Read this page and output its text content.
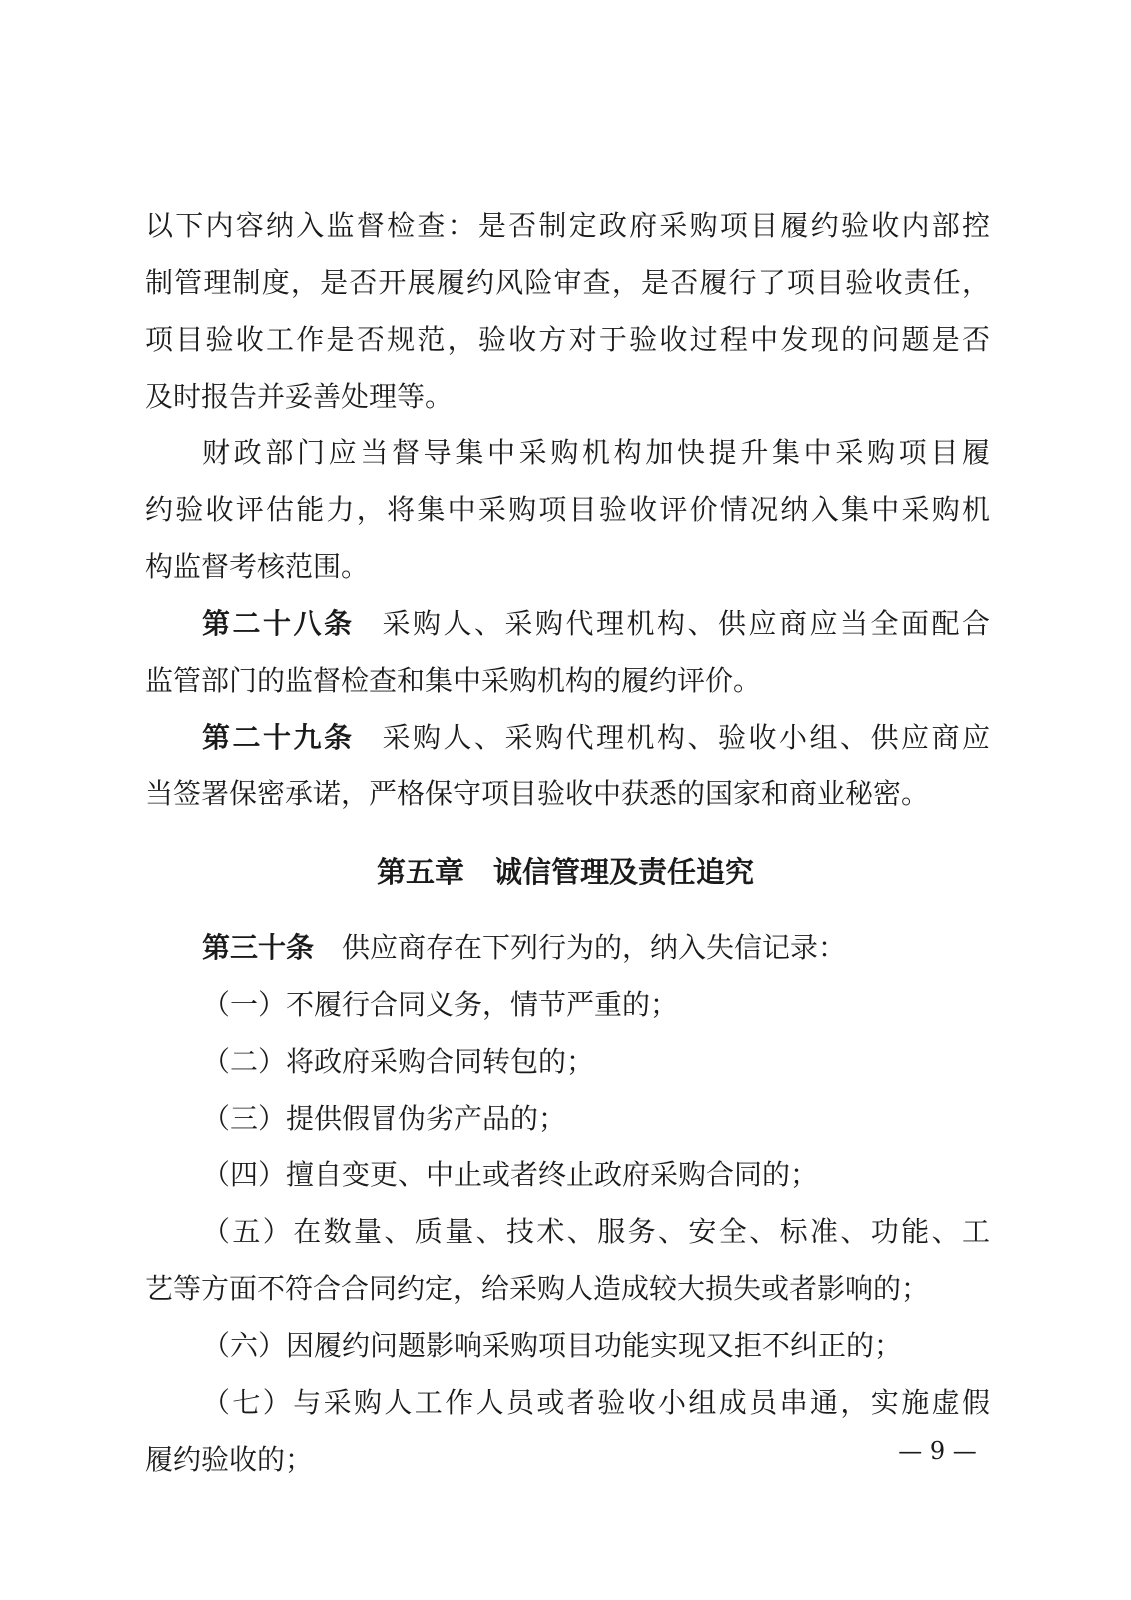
以下内容纳入监督检查：是否制定政府采购项目履约验收内部控
制管理制度，是否开展履约风险审查，是否履行了项目验收责任，
项目验收工作是否规范，验收方对于验收过程中发现的问题是否
及时报告并妥善处理等。
财政部门应当督导集中采购机构加快提升集中采购项目履
约验收评估能力，将集中采购项目验收评价情况纳入集中采购机
构监督考核范围。
第二十八条 采购人、采购代理机构、供应商应当全面配合
监管部门的监督检查和集中采购机构的履约评价。
第二十九条 采购人、采购代理机构、验收小组、供应商应
当签署保密承诺，严格保守项目验收中获悉的国家和商业秘密。
第五章　诚信管理及责任追究
第三十条 供应商存在下列行为的，纳入失信记录：
（一）不履行合同义务，情节严重的；
（二）将政府采购合同转包的；
（三）提供假冒伪劣产品的；
（四）擅自变更、中止或者终止政府采购合同的；
（五）在数量、质量、技术、服务、安全、标准、功能、工
艺等方面不符合合同约定，给采购人造成较大损失或者影响的；
（六）因履约问题影响采购项目功能实现又拒不纠正的；
（七）与采购人工作人员或者验收小组成员串通，实施虚假
履约验收的；	— 9 —
